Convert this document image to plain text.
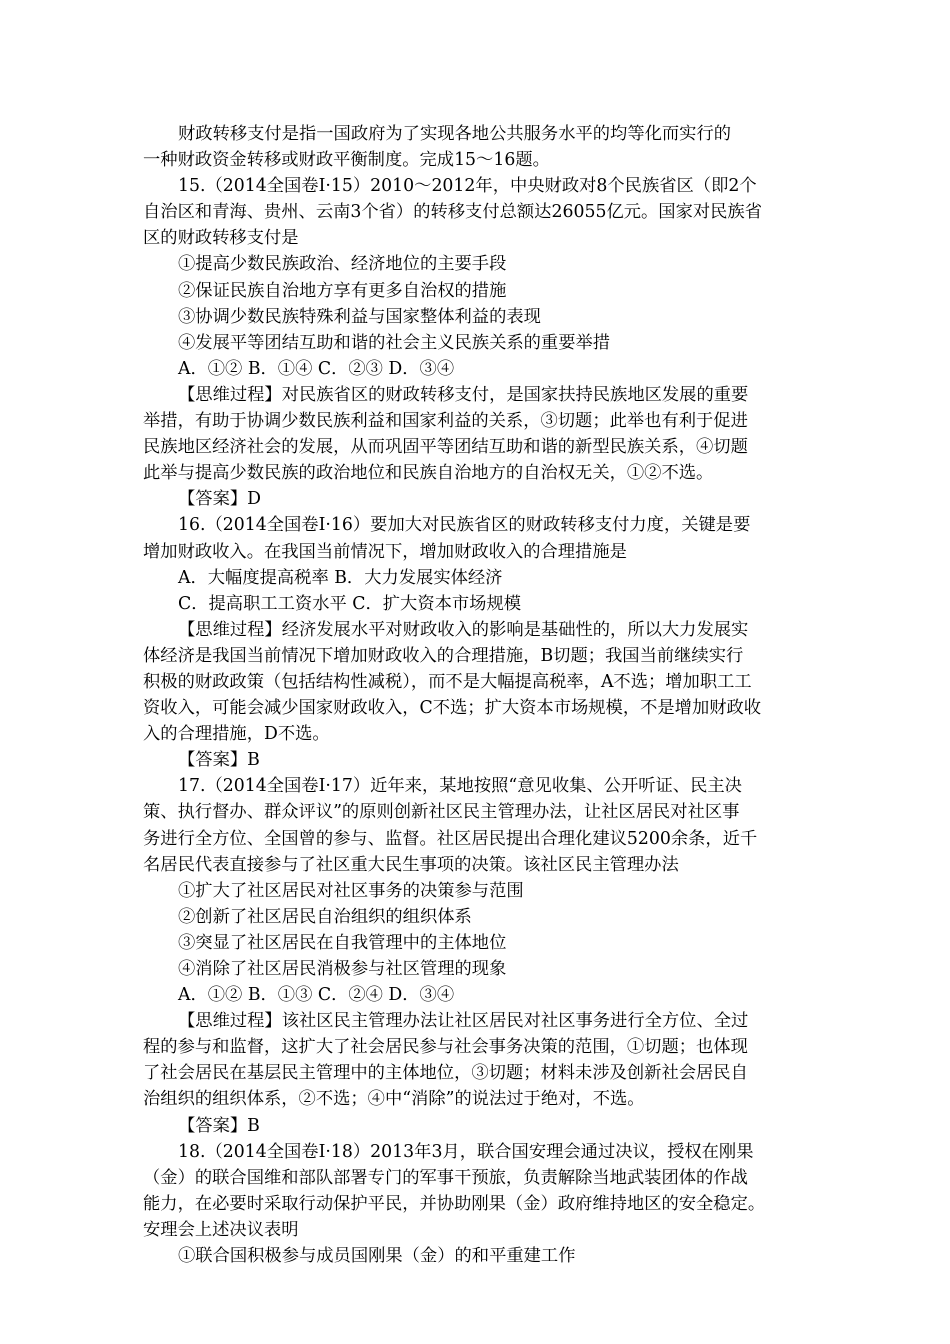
财政转移支付是指一国政府为了实现各地公共服务水平的均等化而实行的
一种财政资金转移或财政平衡制度。完成15～16题。
15.（2014全国卷Ⅰ·15）2010～2012年，中央财政对8个民族省区（即2个
自治区和青海、贵州、云南3个省）的转移支付总额达26055亿元。国家对民族省
区的财政转移支付是
①提高少数民族政治、经济地位的主要手段
②保证民族自治地方享有更多自治权的措施
③协调少数民族特殊利益与国家整体利益的表现
④发展平等团结互助和谐的社会主义民族关系的重要举措
A．①② B．①④ C．②③ D．③④
【思维过程】对民族省区的财政转移支付，是国家扶持民族地区发展的重要
举措，有助于协调少数民族利益和国家利益的关系，③切题；此举也有利于促进
民族地区经济社会的发展，从而巩固平等团结互助和谐的新型民族关系，④切题
此举与提高少数民族的政治地位和民族自治地方的自治权无关，①②不选。
【答案】D
16.（2014全国卷Ⅰ·16）要加大对民族省区的财政转移支付力度，关键是要
增加财政收入。在我国当前情况下，增加财政收入的合理措施是
A．大幅度提高税率 B．大力发展实体经济
C．提高职工工资水平 C．扩大资本市场规模
【思维过程】经济发展水平对财政收入的影响是基础性的，所以大力发展实
体经济是我国当前情况下增加财政收入的合理措施，B切题；我国当前继续实行
积极的财政政策（包括结构性减税），而不是大幅提高税率，A不选；增加职工工
资收入，可能会减少国家财政收入，C不选；扩大资本市场规模，不是增加财政收
入的合理措施，D不选。
【答案】B
17.（2014全国卷Ⅰ·17）近年来，某地按照“意见收集、公开听证、民主决
策、执行督办、群众评议”的原则创新社区民主管理办法，让社区居民对社区事
务进行全方位、全国曾的参与、监督。社区居民提出合理化建议5200余条，近千
名居民代表直接参与了社区重大民生事项的决策。该社区民主管理办法
①扩大了社区居民对社区事务的决策参与范围
②创新了社区居民自治组织的组织体系
③突显了社区居民在自我管理中的主体地位
④消除了社区居民消极参与社区管理的现象
A．①② B．①③ C．②④ D．③④
【思维过程】该社区民主管理办法让社区居民对社区事务进行全方位、全过
程的参与和监督，这扩大了社会居民参与社会事务决策的范围，①切题；也体现
了社会居民在基层民主管理中的主体地位，③切题；材料未涉及创新社会居民自
治组织的组织体系，②不选；④中“消除”的说法过于绝对，不选。
【答案】B
18.（2014全国卷Ⅰ·18）2013年3月，联合国安理会通过决议，授权在刚果
（金）的联合国维和部队部署专门的军事干预旅，负责解除当地武装团体的作战
能力，在必要时采取行动保护平民，并协助刚果（金）政府维持地区的安全稳定。
安理会上述决议表明
①联合国积极参与成员国刚果（金）的和平重建工作
